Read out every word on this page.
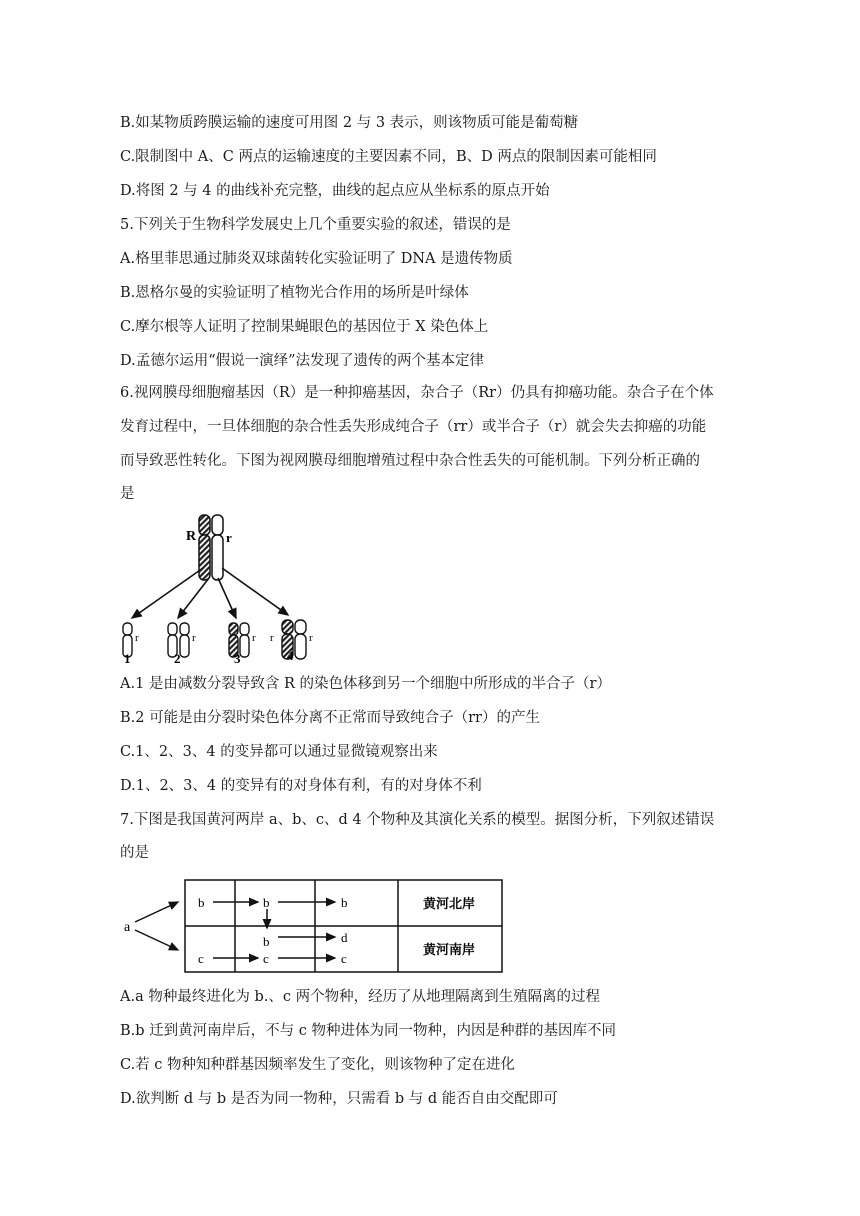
B.如某物质跨膜运输的速度可用图 2 与 3 表示，则该物质可能是葡萄糖
C.限制图中 A、C 两点的运输速度的主要因素不同，B、D 两点的限制因素可能相同
D.将图 2 与 4 的曲线补充完整，曲线的起点应从坐标系的原点开始
5.下列关于生物科学发展史上几个重要实验的叙述，错误的是
A.格里菲思通过肺炎双球菌转化实验证明了 DNA 是遗传物质
B.恩格尔曼的实验证明了植物光合作用的场所是叶绿体
C.摩尔根等人证明了控制果蝇眼色的基因位于 X 染色体上
D.孟德尔运用“假说一演绎”法发现了遗传的两个基本定律
6.视网膜母细胞瘤基因（R）是一种抑癌基因，杂合子（Rr）仍具有抑癌功能。杂合子在个体
发育过程中，一旦体细胞的杂合性丢失形成纯合子（rr）或半合子（r）就会失去抑癌的功能
而导致恶性转化。下图为视网膜母细胞增殖过程中杂合性丢失的可能机制。下列分析正确的
是
R r
r	r	r r	r
1	2	3	4
A.1 是由减数分裂导致含 R 的染色体移到另一个细胞中所形成的半合子（r）
B.2 可能是由分裂时染色体分离不正常而导致纯合子（rr）的产生
C.1、2、3、4 的变异都可以通过显微镜观察出来
D.1、2、3、4 的变异有的对身体有利，有的对身体不利
7.下图是我国黄河两岸 a、b、c、d 4 个物种及其演化关系的模型。据图分析，下列叙述错误
的是
a
b	b	b
b	d
c	c	c
黄河北岸
黄河南岸
A.a 物种最终进化为 b.、c 两个物种，经历了从地理隔离到生殖隔离的过程
B.b 迁到黄河南岸后，不与 c 物种进体为同一物种，内因是种群的基因库不同
C.若 c 物种知种群基因频率发生了变化，则该物种了定在进化
D.欲判断 d 与 b 是否为同一物种，只需看 b 与 d 能否自由交配即可
